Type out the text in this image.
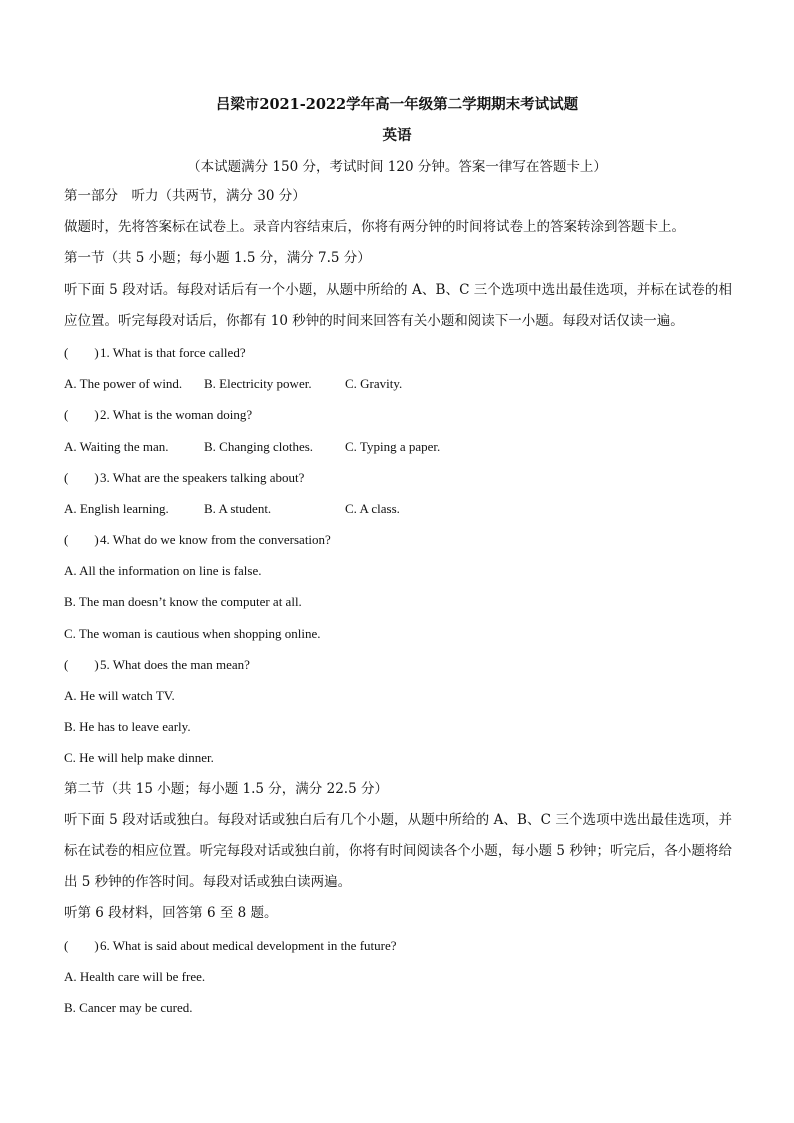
吕梁市2021-2022学年高一年级第二学期期末考试试题
英语
（本试题满分 150 分，考试时间 120 分钟。答案一律写在答题卡上）
第一部分　听力（共两节，满分 30 分）
做题时，先将答案标在试卷上。录音内容结束后，你将有两分钟的时间将试卷上的答案转涂到答题卡上。
第一节（共 5 小题；每小题 1.5 分，满分 7.5 分）
听下面 5 段对话。每段对话后有一个小题，从题中所给的 A、B、C 三个选项中选出最佳选项，并标在试卷的相应位置。听完每段对话后，你都有 10 秒钟的时间来回答有关小题和阅读下一小题。每段对话仅读一遍。
(　　)1. What is that force called?
A. The power of wind. B. Electricity power.	C. Gravity.
(　　)2. What is the woman doing?
A. Waiting the man.	B. Changing clothes. C. Typing a paper.
(　　)3. What are the speakers talking about?
A. English learning.	B. A student.	C. A class.
(　　)4. What do we know from the conversation?
A. All the information on line is false.
B. The man doesn’t know the computer at all.
C. The woman is cautious when shopping online.
(　　)5. What does the man mean?
A. He will watch TV.
B. He has to leave early.
C. He will help make dinner.
第二节（共 15 小题；每小题 1.5 分，满分 22.5 分）
听下面 5 段对话或独白。每段对话或独白后有几个小题，从题中所给的 A、B、C 三个选项中选出最佳选项，并标在试卷的相应位置。听完每段对话或独白前，你将有时间阅读各个小题，每小题 5 秒钟；听完后，各小题将给出 5 秒钟的作答时间。每段对话或独白读两遍。
听第 6 段材料，回答第 6 至 8 题。
(　　)6. What is said about medical development in the future?
A. Health care will be free.
B. Cancer may be cured.
